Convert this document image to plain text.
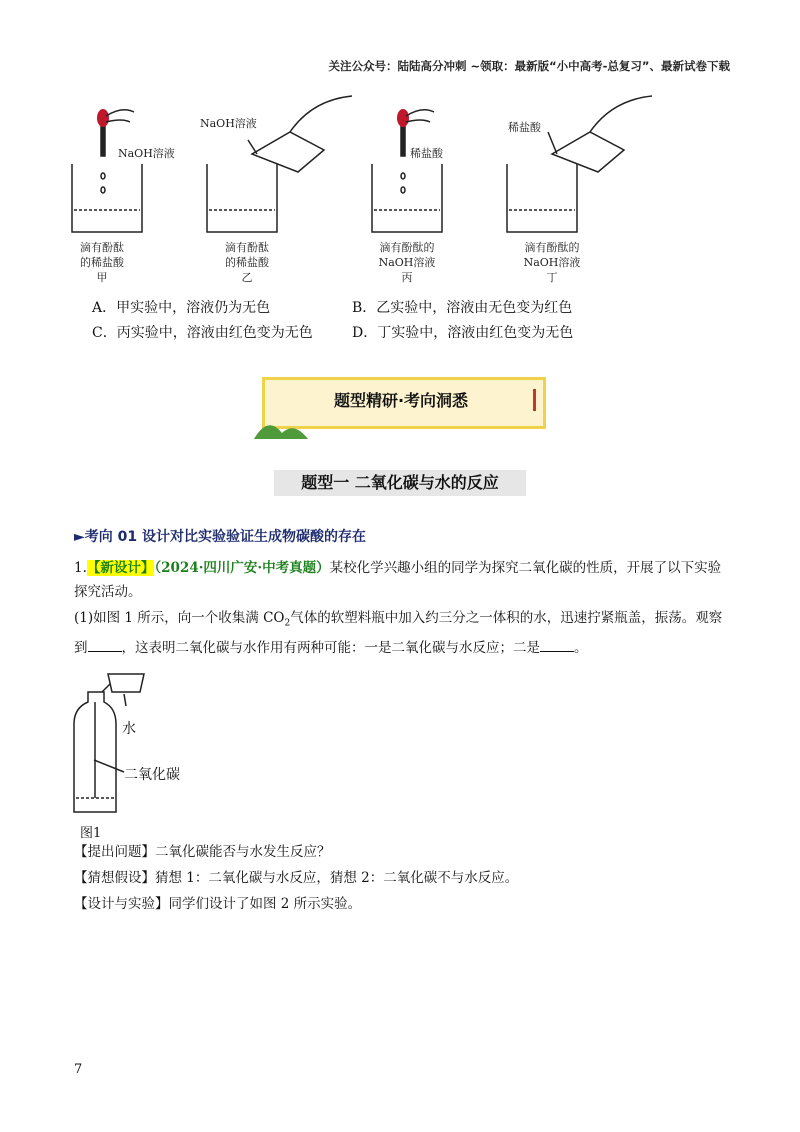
关注公众号：陆陆高分冲刺 ~领取：最新版“小中高考-总复习”、最新试卷下载
NaOH溶液
NaOH溶液
稀盐酸
稀盐酸
滴有酚酞
的稀盐酸
甲
滴有酚酞
的稀盐酸
乙
滴有酚酞的
NaOH溶液
丙
滴有酚酞的
NaOH溶液
丁
A．甲实验中，溶液仍为无色	B．乙实验中，溶液由无色变为红色
C．丙实验中，溶液由红色变为无色	D．丁实验中，溶液由红色变为无色
题型精研·考向洞悉
题型一 二氧化碳与水的反应
►考向 01 设计对比实验验证生成物碳酸的存在
1.【新设计】（2024·四川广安·中考真题）某校化学兴趣小组的同学为探究二氧化碳的性质，开展了以下实验探究活动。
(1)如图 1 所示，向一个收集满 $CO_2$气体的软塑料瓶中加入约三分之一体积的水，迅速拧紧瓶盖，振荡。观察到	，这表明二氧化碳与水作用有两种可能：一是二氧化碳与水反应；二是	。
水
二氧化碳
图1
【提出问题】二氧化碳能否与水发生反应？
【猜想假设】猜想 1：二氧化碳与水反应，猜想 2：二氧化碳不与水反应。
【设计与实验】同学们设计了如图 2 所示实验。
7
